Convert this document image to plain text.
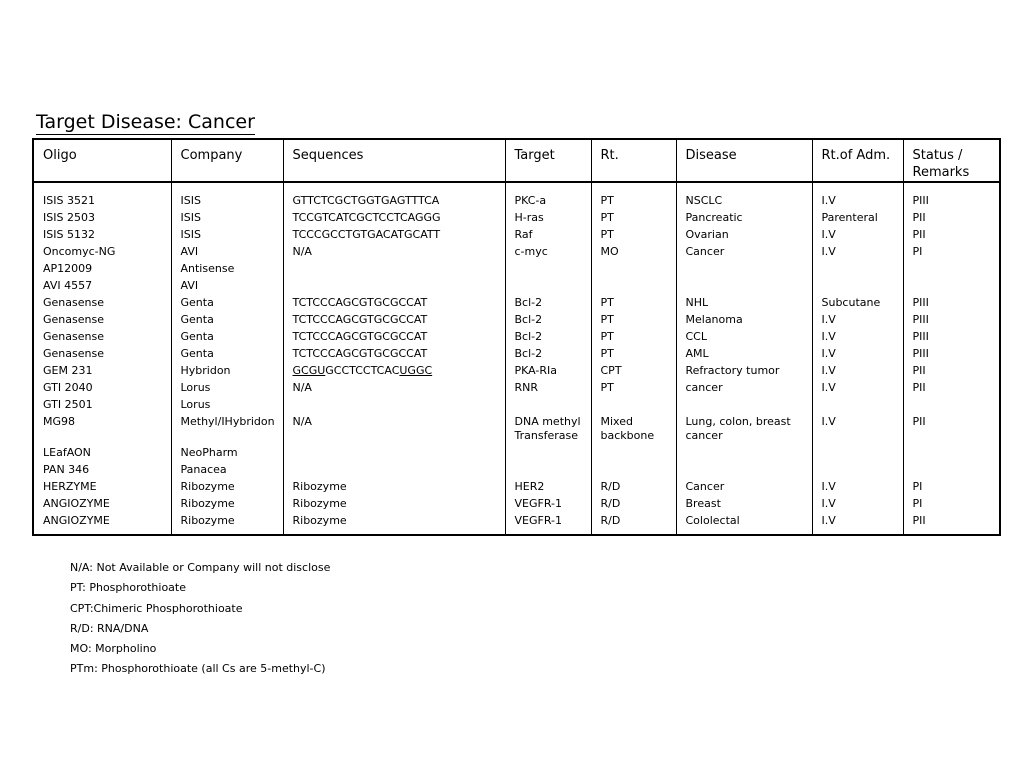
Target Disease: Cancer
Oligo	Company	Sequences	Target	Rt.	Disease	Rt.of Adm.	Status / Remarks

ISIS 3521	ISIS	GTTCTCGCTGGTGAGTTTCA	PKC-a	PT	NSCLC	I.V	PIII
ISIS 2503	ISIS	TCCGTCATCGCTCCTCAGGG	H-ras	PT	Pancreatic	Parenteral	PII
ISIS 5132	ISIS	TCCCGCCTGTGACATGCATT	Raf	PT	Ovarian	I.V	PII
Oncomyc-NG	AVI	N/A	c-myc	MO	Cancer	I.V	PI
AP12009	Antisense						
AVI 4557	AVI						
Genasense	Genta	TCTCCCAGCGTGCGCCAT	Bcl-2	PT	NHL	Subcutane	PIII
Genasense	Genta	TCTCCCAGCGTGCGCCAT	Bcl-2	PT	Melanoma	I.V	PIII
Genasense	Genta	TCTCCCAGCGTGCGCCAT	Bcl-2	PT	CCL	I.V	PIII
Genasense	Genta	TCTCCCAGCGTGCGCCAT	Bcl-2	PT	AML	I.V	PIII
GEM 231	Hybridon	GCGUGCCTCCTCACUGGC	PKA-RIa	CPT	Refractory tumor	I.V	PII
GTI 2040	Lorus	N/A	RNR	PT	cancer	I.V	PII
GTI 2501	Lorus						
MG98	Methyl/IHybridon	N/A	DNA methyl Transferase	Mixed backbone	Lung, colon, breast cancer	I.V	PII
LEafAON	NeoPharm						
PAN 346	Panacea						
HERZYME	Ribozyme	Ribozyme	HER2	R/D	Cancer	I.V	PI
ANGIOZYME	Ribozyme	Ribozyme	VEGFR-1	R/D	Breast	I.V	PI
ANGIOZYME	Ribozyme	Ribozyme	VEGFR-1	R/D	Cololectal	I.V	PII
N/A: Not Available or Company will not disclose
PT: Phosphorothioate
CPT:Chimeric Phosphorothioate
R/D: RNA/DNA
MO: Morpholino
PTm: Phosphorothioate (all Cs are 5-methyl-C)
